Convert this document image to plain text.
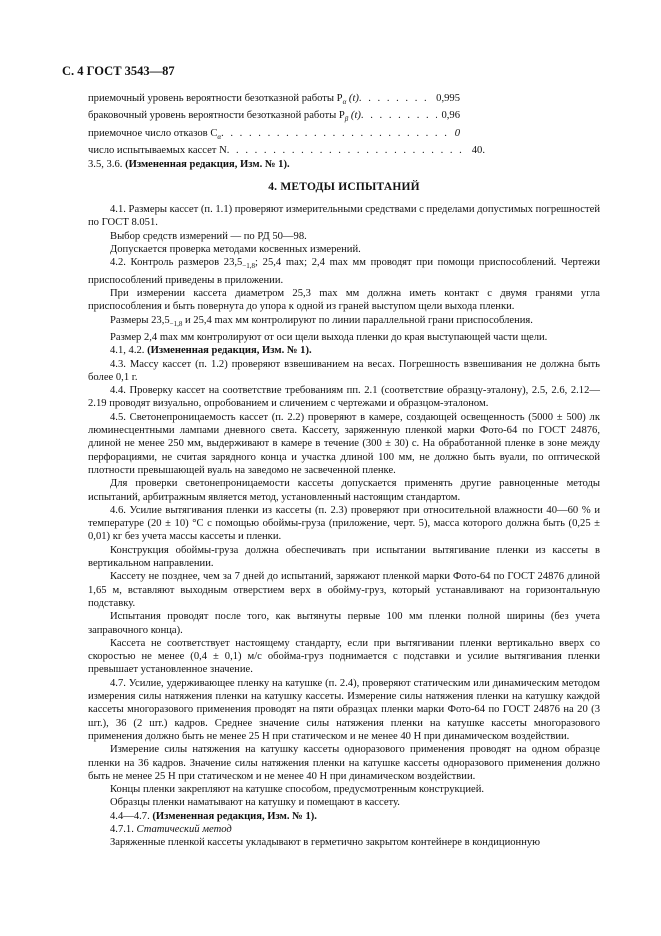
С. 4 ГОСТ 3543—87
приемочный уровень вероятности безотказной работы $Р_\alpha$ (t) . . .	0,995
браковочный уровень вероятности безотказной работы $Р_\beta$ (t) . . .	0,96
приемочное число отказов $С_\alpha$ . . .	0
число испытываемых кассет N . . .	40.

3.5, 3.6. (Измененная редакция, Изм. № 1).

4. МЕТОДЫ ИСПЫТАНИЙ

4.1. Размеры кассет (п. 1.1) проверяют измерительными средствами с пределами допустимых погрешностей по ГОСТ 8.051.

Выбор средств измерений — по РД 50—98.

Допускается проверка методами косвенных измерений.

4.2. Контроль размеров $23,5_{-1,8}$; 25,4 max; 2,4 max мм проводят при помощи приспособлений. Чертежи приспособлений приведены в приложении.

При измерении кассета диаметром 25,3 max мм должна иметь контакт с двумя гранями угла приспособления и быть повернута до упора к одной из граней выступом щели выхода пленки.

Размеры $23,5_{-1,8}$ и 25,4 max мм контролируют по линии параллельной грани приспособления.

Размер 2,4 max мм контролируют от оси щели выхода пленки до края выступающей части щели.

4.1, 4.2. (Измененная редакция, Изм. № 1).

4.3. Массу кассет (п. 1.2) проверяют взвешиванием на весах. Погрешность взвешивания не должна быть более 0,1 г.

4.4. Проверку кассет на соответствие требованиям пп. 2.1 (соответствие образцу-эталону), 2.5, 2.6, 2.12—2.19 проводят визуально, опробованием и сличением с чертежами и образцом-эталоном.

4.5. Светонепроницаемость кассет (п. 2.2) проверяют в камере, создающей освещенность (5000 ± 500) лк люминесцентными лампами дневного света. Кассету, заряженную пленкой марки Фото-64 по ГОСТ 24876, длиной не менее 250 мм, выдерживают в камере в течение (300 ± 30) с. На обработанной пленке в зоне между перфорациями, не считая зарядного конца и участка длиной 100 мм, не должно быть вуали, по оптической плотности превышающей вуаль на заведомо не засвеченной пленке.

Для проверки светонепроницаемости кассеты допускается применять другие равноценные методы испытаний, арбитражным является метод, установленный настоящим стандартом.

4.6. Усилие вытягивания пленки из кассеты (п. 2.3) проверяют при относительной влажности 40—60 % и температуре (20 ± 10) °С с помощью обоймы-груза (приложение, черт. 5), масса которого должна быть (0,25 ± 0,01) кг без учета массы кассеты и пленки.

Конструкция обоймы-груза должна обеспечивать при испытании вытягивание пленки из кассеты в вертикальном направлении.

Кассету не позднее, чем за 7 дней до испытаний, заряжают пленкой марки Фото-64 по ГОСТ 24876 длиной 1,65 м, вставляют выходным отверстием верх в обойму-груз, который устанавливают на горизонтальную подставку.

Испытания проводят после того, как вытянуты первые 100 мм пленки полной ширины (без учета заправочного конца).

Кассета не соответствует настоящему стандарту, если при вытягивании пленки вертикально вверх со скоростью не менее (0,4 ± 0,1) м/с обойма-груз поднимается с подставки и усилие вытягивания пленки превышает установленное значение.

4.7. Усилие, удерживающее пленку на катушке (п. 2.4), проверяют статическим или динамическим методом измерения силы натяжения пленки на катушку кассеты. Измерение силы натяжения пленки на катушку каждой кассеты многоразового применения проводят на пяти образцах пленки марки Фото-64 по ГОСТ 24876 на 20 (3 шт.), 36 (2 шт.) кадров. Среднее значение силы натяжения пленки на катушке кассеты многоразового применения должно быть не менее 25 Н при статическом и не менее 40 Н при динамическом воздействии.

Измерение силы натяжения на катушку кассеты одноразового применения проводят на одном образце пленки на 36 кадров. Значение силы натяжения пленки на катушке кассеты одноразового применения должно быть не менее 25 Н при статическом и не менее 40 Н при динамическом воздействии.

Концы пленки закрепляют на катушке способом, предусмотренным конструкцией.

Образцы пленки наматывают на катушку и помещают в кассету.

4.4—4.7. (Измененная редакция, Изм. № 1).

4.7.1. Статический метод

Заряженные пленкой кассеты укладывают в герметично закрытом контейнере в кондиционную
